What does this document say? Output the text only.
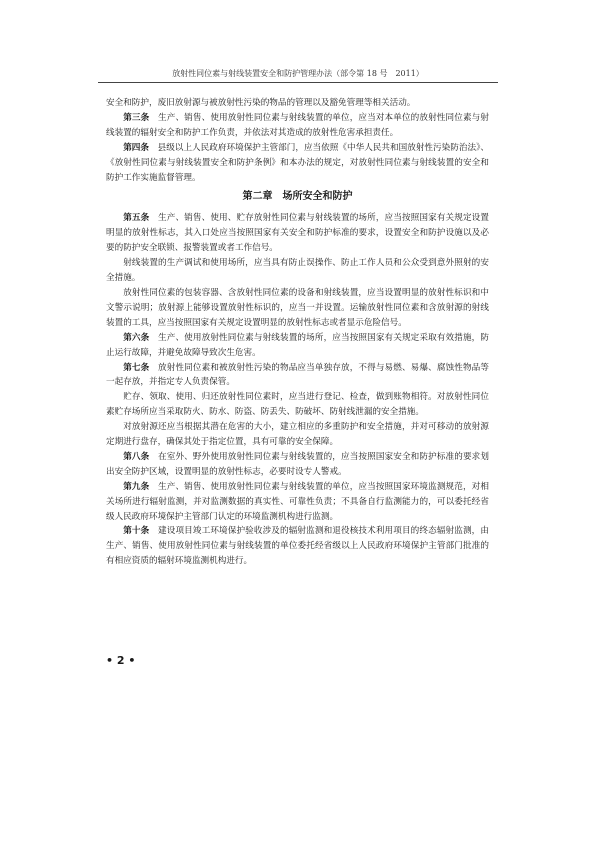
放射性同位素与射线装置安全和防护管理办法（部令第 18 号　2011）

安全和防护，废旧放射源与被放射性污染的物品的管理以及豁免管理等相关活动。

第三条　 生产、销售、使用放射性同位素与射线装置的单位，应当对本单位的放射性同位素与射线装置的辐射安全和防护工作负责，并依法对其造成的放射性危害承担责任。

第四条　 县级以上人民政府环境保护主管部门，应当依照《中华人民共和国放射性污染防治法》、《放射性同位素与射线装置安全和防护条例》和本办法的规定，对放射性同位素与射线装置的安全和防护工作实施监督管理。

第二章　场所安全和防护

第五条　 生产、销售、使用、贮存放射性同位素与射线装置的场所，应当按照国家有关规定设置明显的放射性标志，其入口处应当按照国家有关安全和防护标准的要求，设置安全和防护设施以及必要的防护安全联锁、报警装置或者工作信号。

射线装置的生产调试和使用场所，应当具有防止误操作、防止工作人员和公众受到意外照射的安全措施。

放射性同位素的包装容器、含放射性同位素的设备和射线装置，应当设置明显的放射性标识和中文警示说明；放射源上能够设置放射性标识的，应当一并设置。运输放射性同位素和含放射源的射线装置的工具，应当按照国家有关规定设置明显的放射性标志或者显示危险信号。

第六条　 生产、使用放射性同位素与射线装置的场所，应当按照国家有关规定采取有效措施，防止运行故障，并避免故障导致次生危害。

第七条　 放射性同位素和被放射性污染的物品应当单独存放，不得与易燃、易爆、腐蚀性物品等一起存放，并指定专人负责保管。

贮存、领取、使用、归还放射性同位素时，应当进行登记、检查，做到账物相符。对放射性同位素贮存场所应当采取防火、防水、防盗、防丢失、防破坏、防射线泄漏的安全措施。

对放射源还应当根据其潜在危害的大小，建立相应的多重防护和安全措施，并对可移动的放射源定期进行盘存，确保其处于指定位置，具有可靠的安全保障。

第八条　 在室外、野外使用放射性同位素与射线装置的，应当按照国家安全和防护标准的要求划出安全防护区域，设置明显的放射性标志，必要时设专人警戒。

第九条　 生产、销售、使用放射性同位素与射线装置的单位，应当按照国家环境监测规范，对相关场所进行辐射监测，并对监测数据的真实性、可靠性负责；不具备自行监测能力的，可以委托经省级人民政府环境保护主管部门认定的环境监测机构进行监测。

第十条　 建设项目竣工环境保护验收涉及的辐射监测和退役核技术利用项目的终态辐射监测，由生产、销售、使用放射性同位素与射线装置的单位委托经省级以上人民政府环境保护主管部门批准的有相应资质的辐射环境监测机构进行。

• 2 •
